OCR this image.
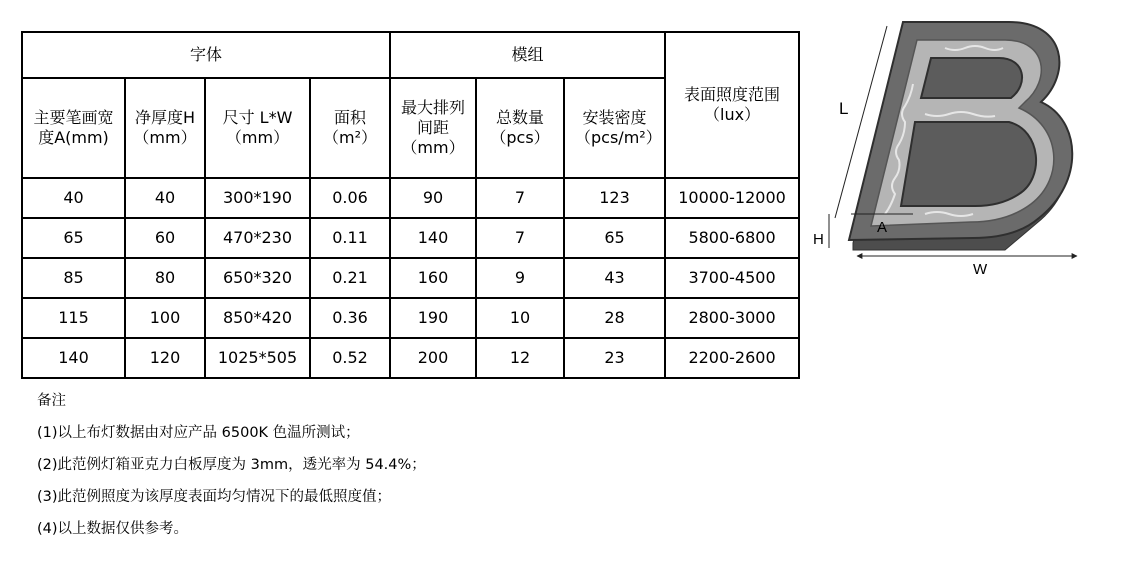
字体				模组			表面照度范围（lux）
主要笔画宽度A(mm)	净厚度H（mm）	尺寸 L*W（mm）	面积（m²）	最大排列间距（mm）	总数量（pcs）	安装密度（pcs/m²）	
40	40	300*190	0.06	90	7	123	10000-12000
65	60	470*230	0.11	140	7	65	5800-6800
85	80	650*320	0.21	160	9	43	3700-4500
115	100	850*420	0.36	190	10	28	2800-3000
140	120	1025*505	0.52	200	12	23	2200-2600
备注
(1)以上布灯数据由对应产品 6500K 色温所测试；
(2)此范例灯箱亚克力白板厚度为 3mm，透光率为 54.4%；
(3)此范例照度为该厚度表面均匀情况下的最低照度值；
(4)以上数据仅供参考。
L
A
H
W
